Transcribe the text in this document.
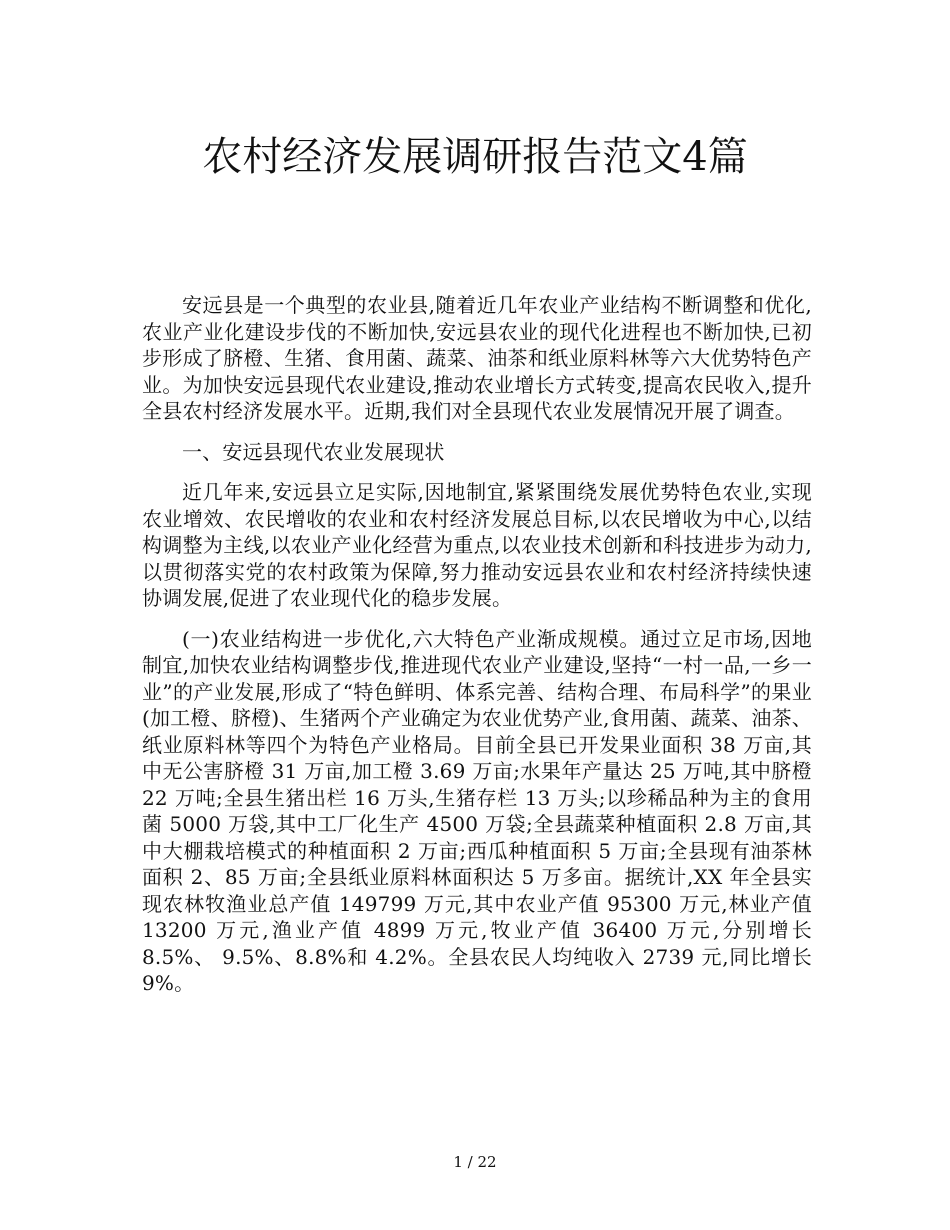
农村经济发展调研报告范文4篇

安远县是一个典型的农业县,随着近几年农业产业结构不断调整和优化,农业产业化建设步伐的不断加快,安远县农业的现代化进程也不断加快,已初步形成了脐橙、生猪、食用菌、蔬菜、油茶和纸业原料林等六大优势特色产业。为加快安远县现代农业建设,推动农业增长方式转变,提高农民收入,提升全县农村经济发展水平。近期,我们对全县现代农业发展情况开展了调查。

一、安远县现代农业发展现状

近几年来,安远县立足实际,因地制宜,紧紧围绕发展优势特色农业,实现农业增效、农民增收的农业和农村经济发展总目标,以农民增收为中心,以结构调整为主线,以农业产业化经营为重点,以农业技术创新和科技进步为动力,以贯彻落实党的农村政策为保障,努力推动安远县农业和农村经济持续快速协调发展,促进了农业现代化的稳步发展。

(一)农业结构进一步优化,六大特色产业渐成规模。通过立足市场,因地制宜,加快农业结构调整步伐,推进现代农业产业建设,坚持“一村一品,一乡一业”的产业发展,形成了“特色鲜明、体系完善、结构合理、布局科学”的果业(加工橙、脐橙)、生猪两个产业确定为农业优势产业,食用菌、蔬菜、油茶、纸业原料林等四个为特色产业格局。目前全县已开发果业面积 38 万亩,其中无公害脐橙 31 万亩,加工橙 3.69 万亩;水果年产量达 25 万吨,其中脐橙 22 万吨;全县生猪出栏 16 万头,生猪存栏 13 万头;以珍稀品种为主的食用菌 5000 万袋,其中工厂化生产 4500 万袋;全县蔬菜种植面积 2.8 万亩,其中大棚栽培模式的种植面积 2 万亩;西瓜种植面积 5 万亩;全县现有油茶林面积 2、85 万亩;全县纸业原料林面积达 5 万多亩。据统计,XX 年全县实现农林牧渔业总产值 149799 万元,其中农业产值 95300 万元,林业产值 13200 万元,渔业产值 4899 万元,牧业产值 36400 万元,分别增长 8.5%、 9.5%、8.8%和 4.2%。全县农民人均纯收入 2739 元,同比增长 9%。

1 / 22
